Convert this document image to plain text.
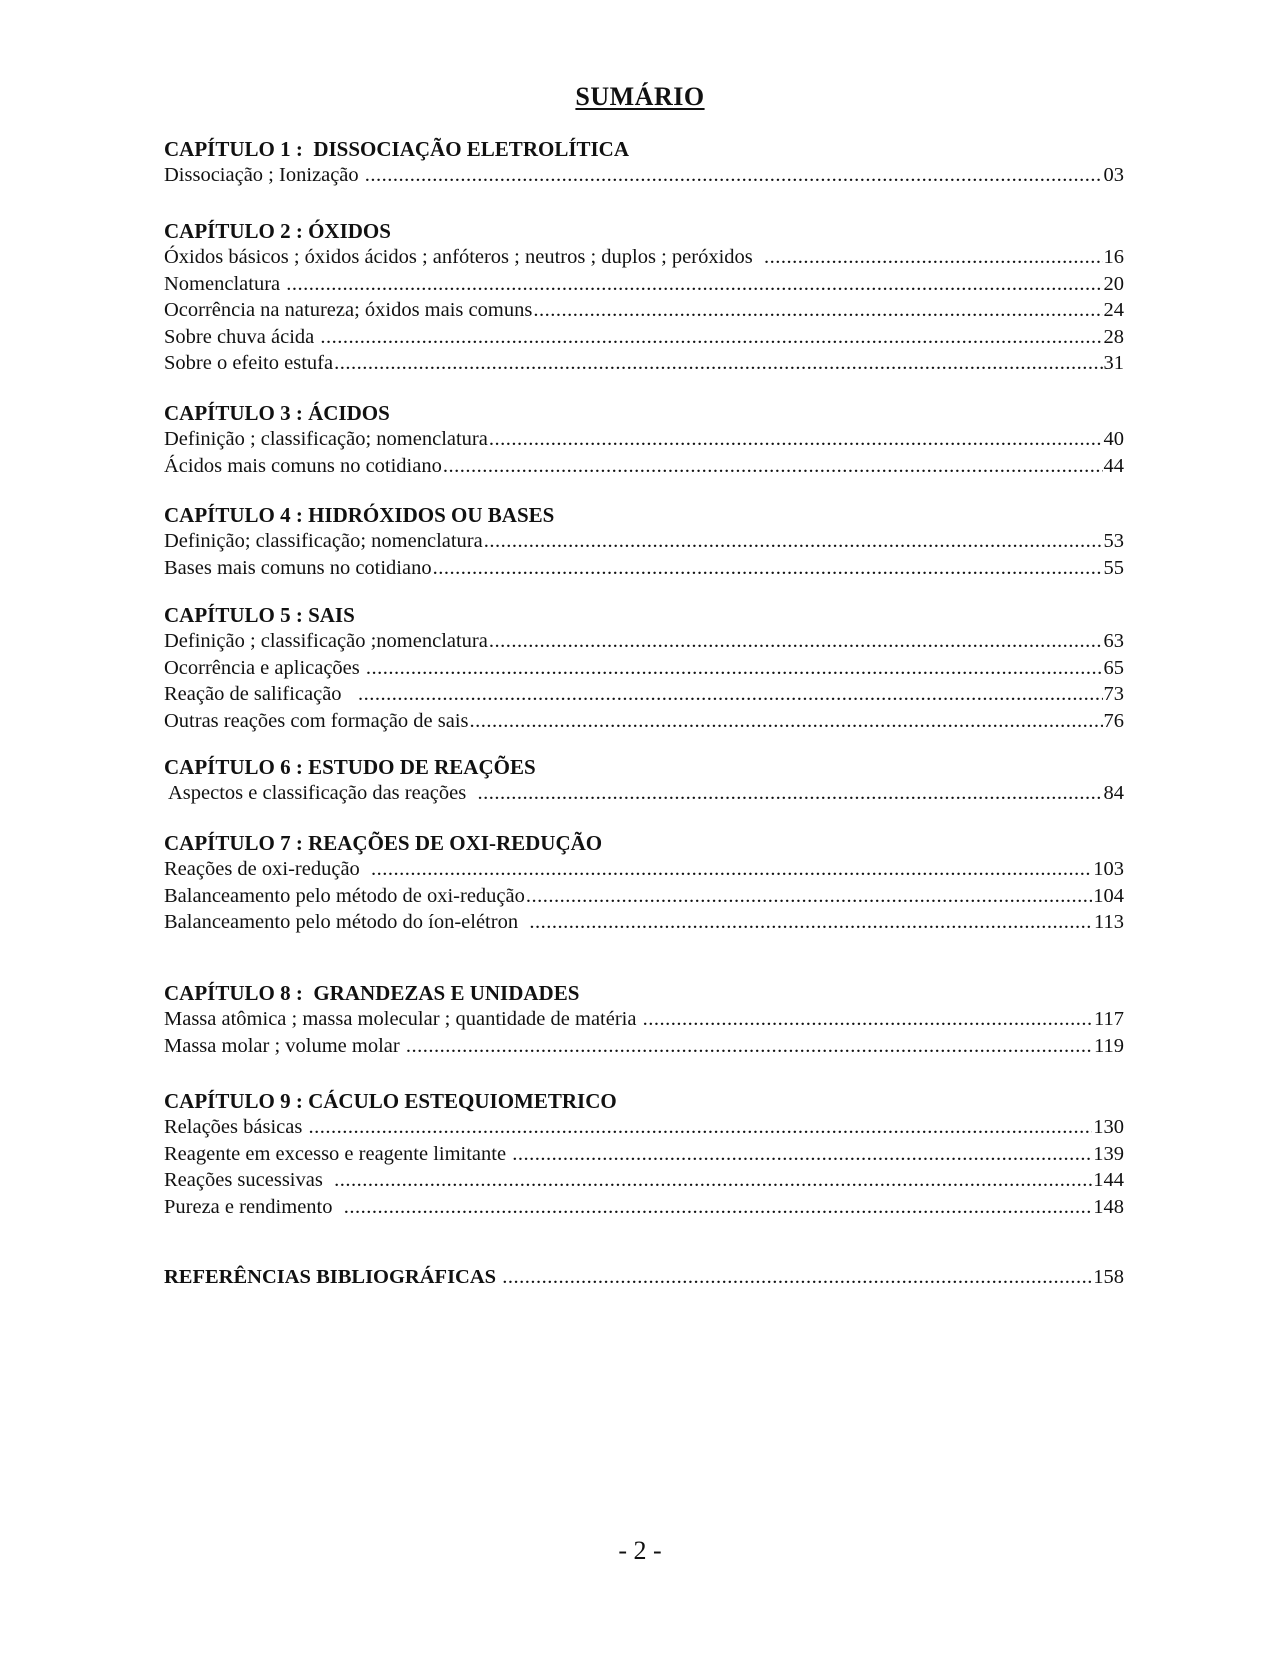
SUMÁRIO
CAPÍTULO 1 :  DISSOCIAÇÃO ELETROLÍTICA
Dissociação ; Ionização .....	03
CAPÍTULO 2 : ÓXIDOS
Óxidos básicos ; óxidos ácidos ; anfóteros ; neutros ; duplos ; peróxidos .....	16
Nomenclatura .....	20
Ocorrência na natureza; óxidos mais comuns .....	24
Sobre chuva ácida .....	28
Sobre o efeito estufa .....	31
CAPÍTULO 3 : ÁCIDOS
Definição ; classificação; nomenclatura .....	40
Ácidos mais comuns no cotidiano .....	44
CAPÍTULO 4 : HIDRÓXIDOS OU BASES
Definição; classificação; nomenclatura .....	53
Bases mais comuns no cotidiano .....	55
CAPÍTULO 5 : SAIS
Definição ; classificação ;nomenclatura .....	63
Ocorrência e aplicações .....	65
Reação de salificação .....	73
Outras reações com formação de sais .....	76
CAPÍTULO 6 : ESTUDO DE REAÇÕES
Aspectos e classificação das reações .....	84
CAPÍTULO 7 : REAÇÕES DE OXI-REDUÇÃO
Reações de oxi-redução .....	103
Balanceamento pelo método de oxi-redução .....	104
Balanceamento pelo método do íon-elétron .....	113
CAPÍTULO 8 :  GRANDEZAS E UNIDADES
Massa atômica ; massa molecular ; quantidade de matéria .....	117
Massa molar ; volume molar .....	119
CAPÍTULO 9 : CÁCULO ESTEQUIOMETRICO
Relações básicas .....	130
Reagente em excesso e reagente limitante .....	139
Reações sucessivas .....	144
Pureza e rendimento .....	148
REFERÊNCIAS BIBLIOGRÁFICAS .....	158
- 2 -
